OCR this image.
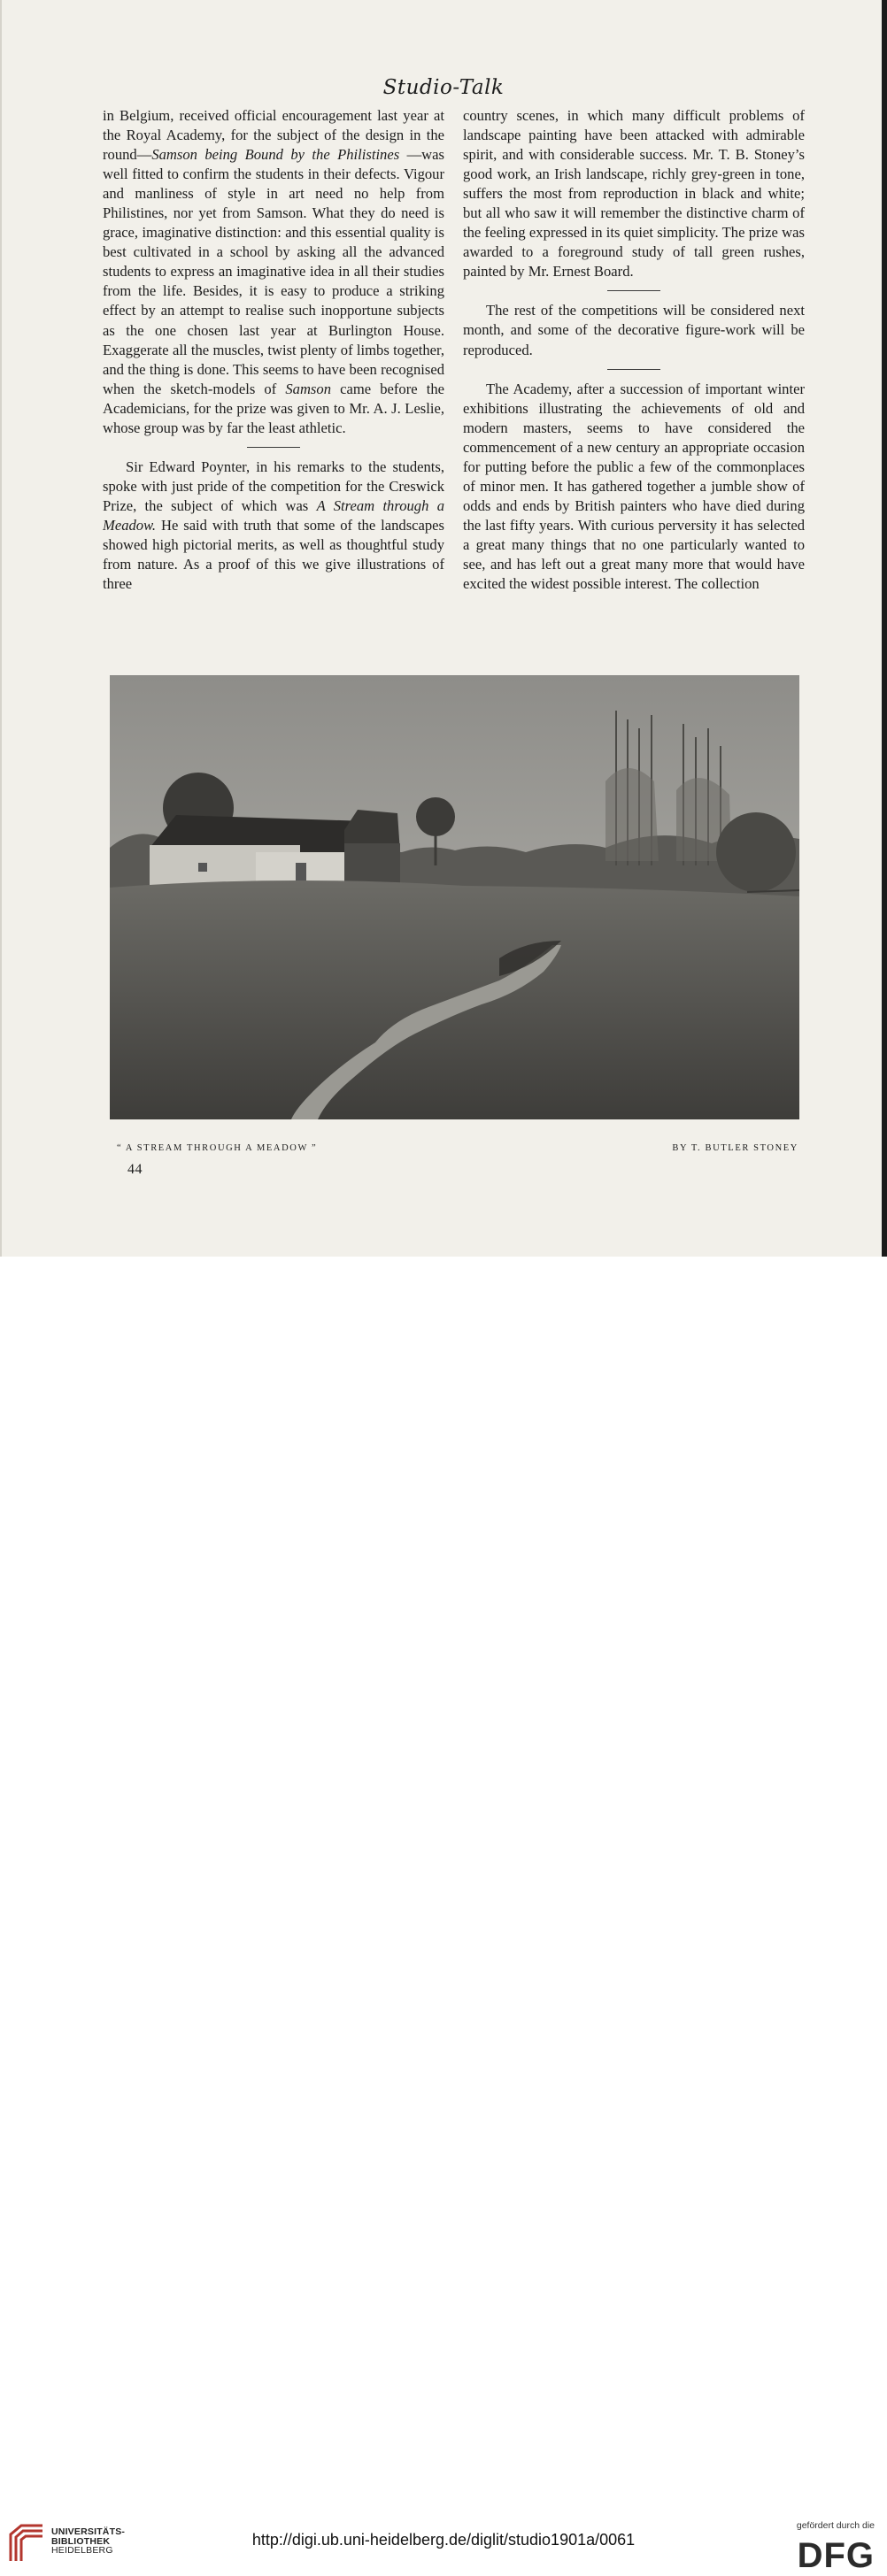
Studio-Talk

in Belgium, received official encouragement last year at the Royal Academy, for the subject of the design in the round—Samson being Bound by the Philistines —was well fitted to confirm the students in their defects. Vigour and manliness of style in art need no help from Philistines, nor yet from Samson. What they do need is grace, imaginative distinction: and this essential quality is best cultivated in a school by asking all the advanced students to express an imaginative idea in all their studies from the life. Besides, it is easy to produce a striking effect by an attempt to realise such inopportune subjects as the one chosen last year at Burlington House. Exaggerate all the muscles, twist plenty of limbs together, and the thing is done. This seems to have been recognised when the sketch-models of Samson came before the Academicians, for the prize was given to Mr. A. J. Leslie, whose group was by far the least athletic.

Sir Edward Poynter, in his remarks to the students, spoke with just pride of the competition for the Creswick Prize, the subject of which was A Stream through a Meadow. He said with truth that some of the landscapes showed high pictorial merits, as well as thoughtful study from nature. As a proof of this we give illustrations of three

country scenes, in which many difficult problems of landscape painting have been attacked with admirable spirit, and with considerable success. Mr. T. B. Stoney’s good work, an Irish landscape, richly grey-green in tone, suffers the most from reproduction in black and white; but all who saw it will remember the distinctive charm of the feeling expressed in its quiet simplicity. The prize was awarded to a foreground study of tall green rushes, painted by Mr. Ernest Board.

The rest of the competitions will be considered next month, and some of the decorative figure-work will be reproduced.

The Academy, after a succession of important winter exhibitions illustrating the achievements of old and modern masters, seems to have considered the commencement of a new century an appropriate occasion for putting before the public a few of the commonplaces of minor men. It has gathered together a jumble show of odds and ends by British painters who have died during the last fifty years. With curious perversity it has selected a great many things that no one particularly wanted to see, and has left out a great many more that would have excited the widest possible interest. The collection

“ A STREAM THROUGH A MEADOW ”	BY T. BUTLER STONEY
44
UNIVERSITÄTS-
BIBLIOTHEK
HEIDELBERG
http://digi.ub.uni-heidelberg.de/diglit/studio1901a/0061
gefördert durch die
DFG
